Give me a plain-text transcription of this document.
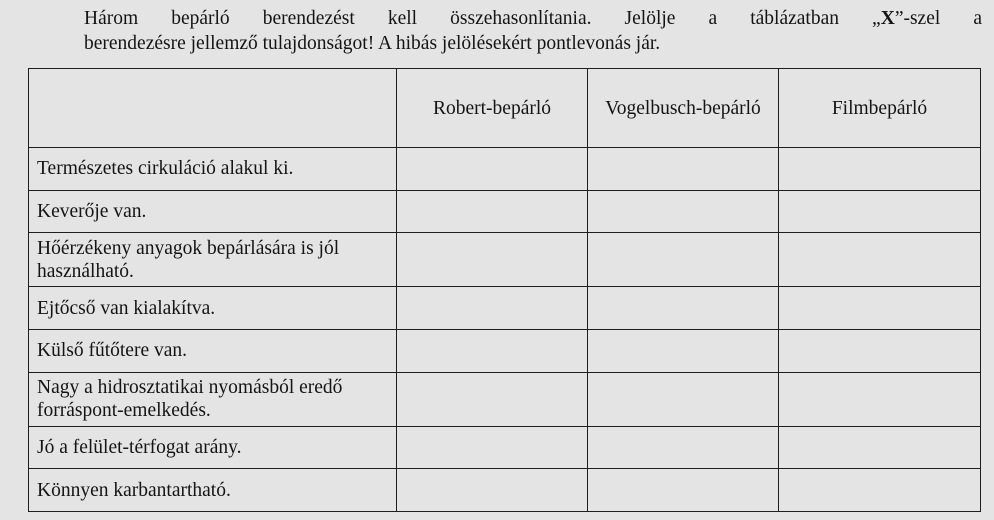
Három bepárló berendezést kell összehasonlítania. Jelölje a táblázatban „X”-szel a
berendezésre jellemző tulajdonságot! A hibás jelölésekért pontlevonás jár.
	Robert-bepárló	Vogelbusch-bepárló	Filmbepárló
Természetes cirkuláció alakul ki.			
Keverője van.			
Hőérzékeny anyagok bepárlására is jól használható.			
Ejtőcső van kialakítva.			
Külső fűtőtere van.			
Nagy a hidrosztatikai nyomásból eredő forráspont-emelkedés.			
Jó a felület-térfogat arány.			
Könnyen karbantartható.			
